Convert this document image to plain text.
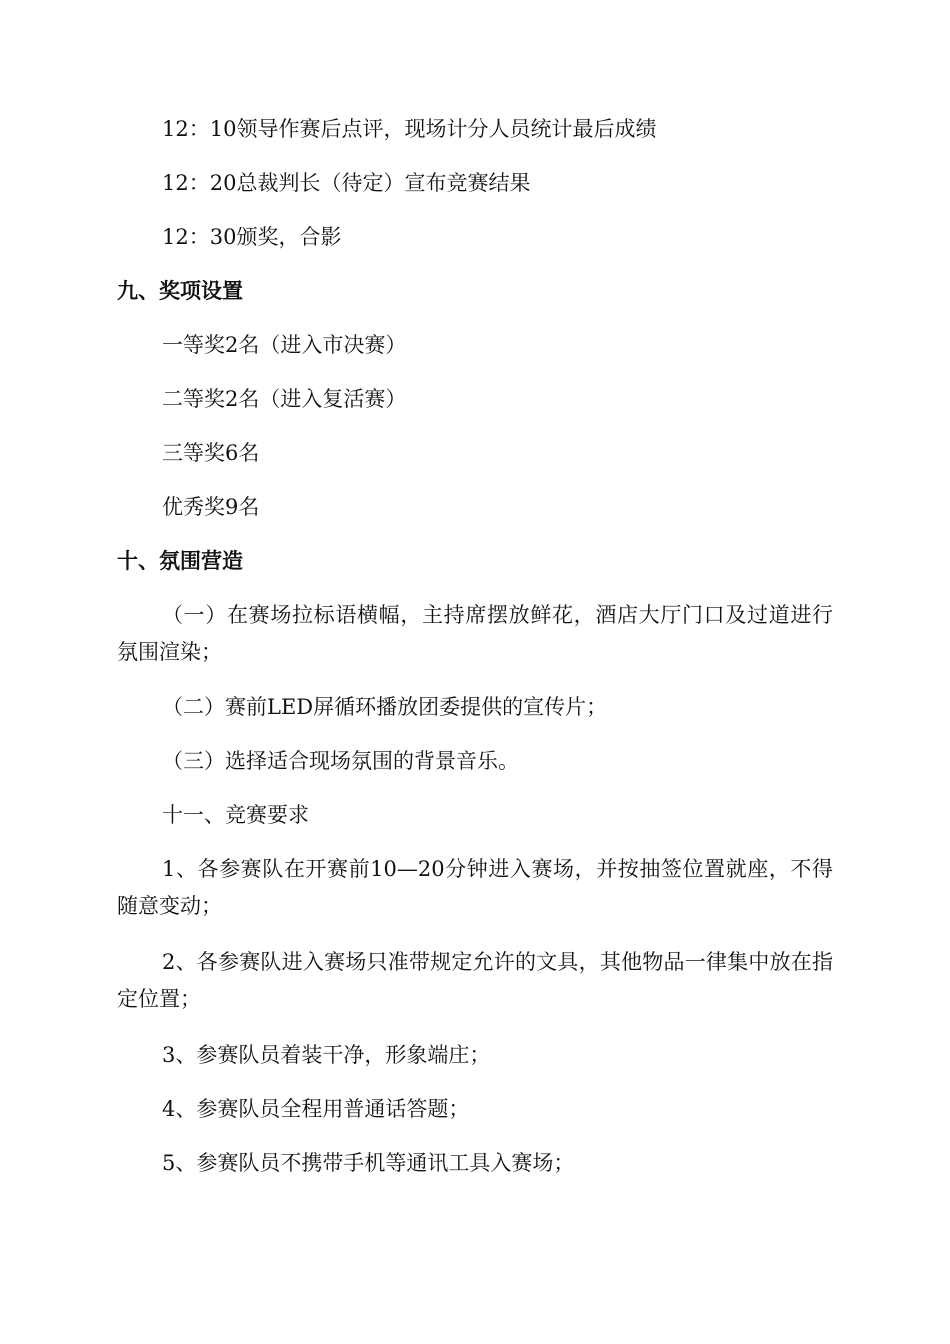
12：10领导作赛后点评，现场计分人员统计最后成绩
12：20总裁判长（待定）宣布竞赛结果
12：30颁奖，合影
九、奖项设置
一等奖2名（进入市决赛）
二等奖2名（进入复活赛）
三等奖6名
优秀奖9名
十、氛围营造
（一）在赛场拉标语横幅，主持席摆放鲜花，酒店大厅门口及过道进行氛围渲染；
（二）赛前LED屏循环播放团委提供的宣传片；
（三）选择适合现场氛围的背景音乐。
十一、竞赛要求
1、各参赛队在开赛前10—20分钟进入赛场，并按抽签位置就座，不得随意变动；
2、各参赛队进入赛场只准带规定允许的文具，其他物品一律集中放在指定位置；
3、参赛队员着装干净，形象端庄；
4、参赛队员全程用普通话答题；
5、参赛队员不携带手机等通讯工具入赛场；
